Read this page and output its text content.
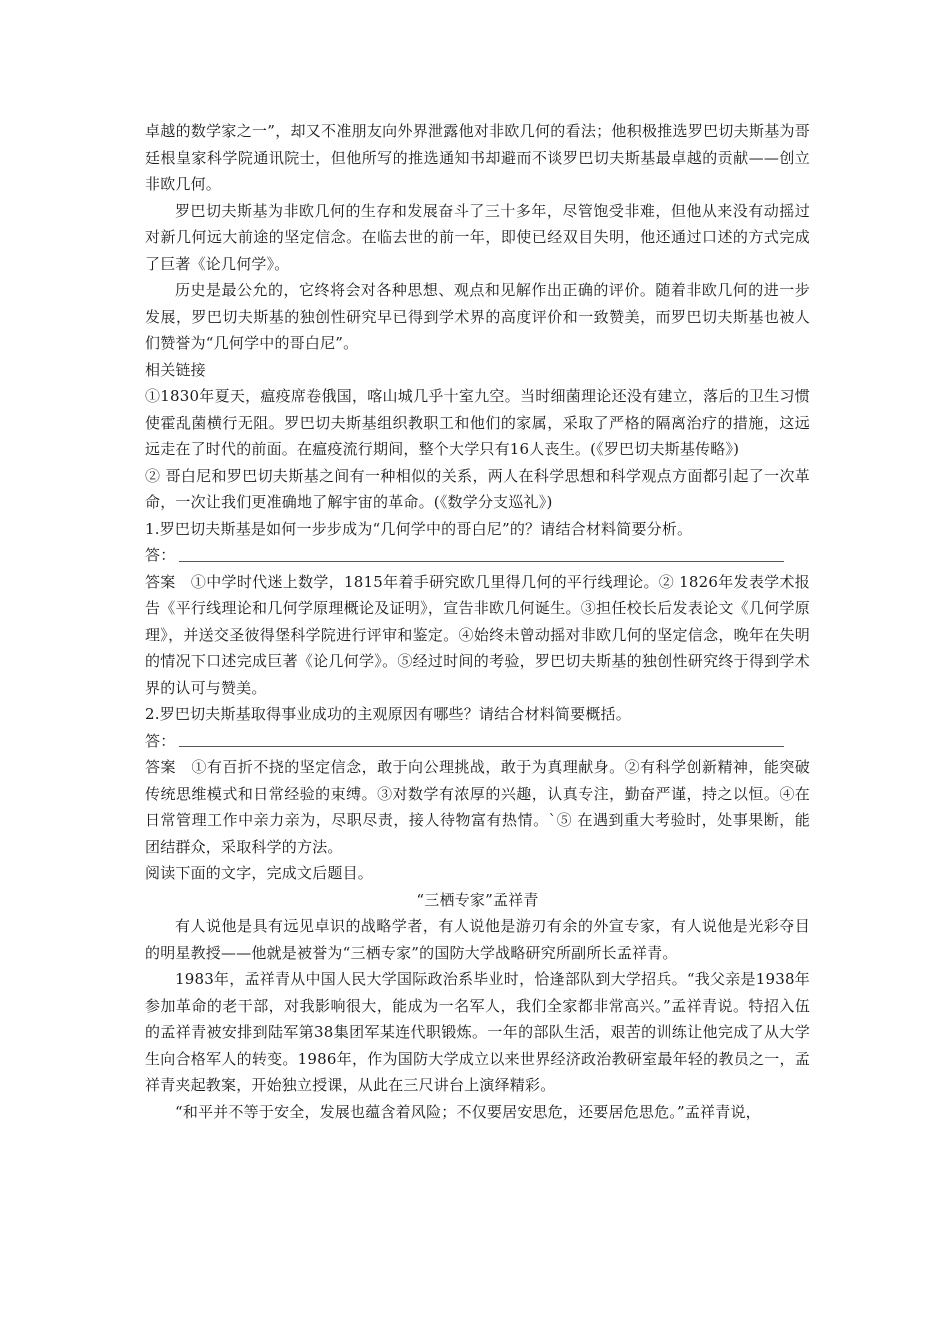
卓越的数学家之一”，却又不准朋友向外界泄露他对非欧几何的看法；他积极推选罗巴切夫斯基为哥廷根皇家科学院通讯院士，但他所写的推选通知书却避而不谈罗巴切夫斯基最卓越的贡献——创立非欧几何。

罗巴切夫斯基为非欧几何的生存和发展奋斗了三十多年，尽管饱受非难，但他从来没有动摇过对新几何远大前途的坚定信念。在临去世的前一年，即使已经双目失明，他还通过口述的方式完成了巨著《论几何学》。

历史是最公允的，它终将会对各种思想、观点和见解作出正确的评价。随着非欧几何的进一步发展，罗巴切夫斯基的独创性研究早已得到学术界的高度评价和一致赞美，而罗巴切夫斯基也被人们赞誉为“几何学中的哥白尼”。

相关链接

①1830年夏天，瘟疫席卷俄国，喀山城几乎十室九空。当时细菌理论还没有建立，落后的卫生习惯使霍乱菌横行无阻。罗巴切夫斯基组织教职工和他们的家属，采取了严格的隔离治疗的措施，这远远走在了时代的前面。在瘟疫流行期间，整个大学只有16人丧生。(《罗巴切夫斯基传略》)

② 哥白尼和罗巴切夫斯基之间有一种相似的关系，两人在科学思想和科学观点方面都引起了一次革命，一次让我们更准确地了解宇宙的革命。(《数学分支巡礼》)

1.罗巴切夫斯基是如何一步步成为“几何学中的哥白尼”的？请结合材料简要分析。

答：

答案　①中学时代迷上数学，1815年着手研究欧几里得几何的平行线理论。② 1826年发表学术报告《平行线理论和几何学原理概论及证明》，宣告非欧几何诞生。③担任校长后发表论文《几何学原理》，并送交圣彼得堡科学院进行评审和鉴定。④始终未曾动摇对非欧几何的坚定信念，晚年在失明的情况下口述完成巨著《论几何学》。⑤经过时间的考验，罗巴切夫斯基的独创性研究终于得到学术界的认可与赞美。

2.罗巴切夫斯基取得事业成功的主观原因有哪些？请结合材料简要概括。

答：

答案　①有百折不挠的坚定信念，敢于向公理挑战，敢于为真理献身。②有科学创新精神，能突破传统思维模式和日常经验的束缚。③对数学有浓厚的兴趣，认真专注，勤奋严谨，持之以恒。④在日常管理工作中亲力亲为，尽职尽责，接人待物富有热情。`⑤ 在遇到重大考验时，处事果断，能团结群众，采取科学的方法。

阅读下面的文字，完成文后题目。

“三栖专家”孟祥青

有人说他是具有远见卓识的战略学者，有人说他是游刃有余的外宣专家，有人说他是光彩夺目的明星教授——他就是被誉为“三栖专家”的国防大学战略研究所副所长孟祥青。

1983年，孟祥青从中国人民大学国际政治系毕业时，恰逢部队到大学招兵。“我父亲是1938年参加革命的老干部，对我影响很大，能成为一名军人，我们全家都非常高兴。”孟祥青说。特招入伍的孟祥青被安排到陆军第38集团军某连代职锻炼。一年的部队生活，艰苦的训练让他完成了从大学生向合格军人的转变。1986年，作为国防大学成立以来世界经济政治教研室最年轻的教员之一，孟祥青夹起教案，开始独立授课，从此在三尺讲台上演绎精彩。

“和平并不等于安全，发展也蕴含着风险；不仅要居安思危，还要居危思危。”孟祥青说，
